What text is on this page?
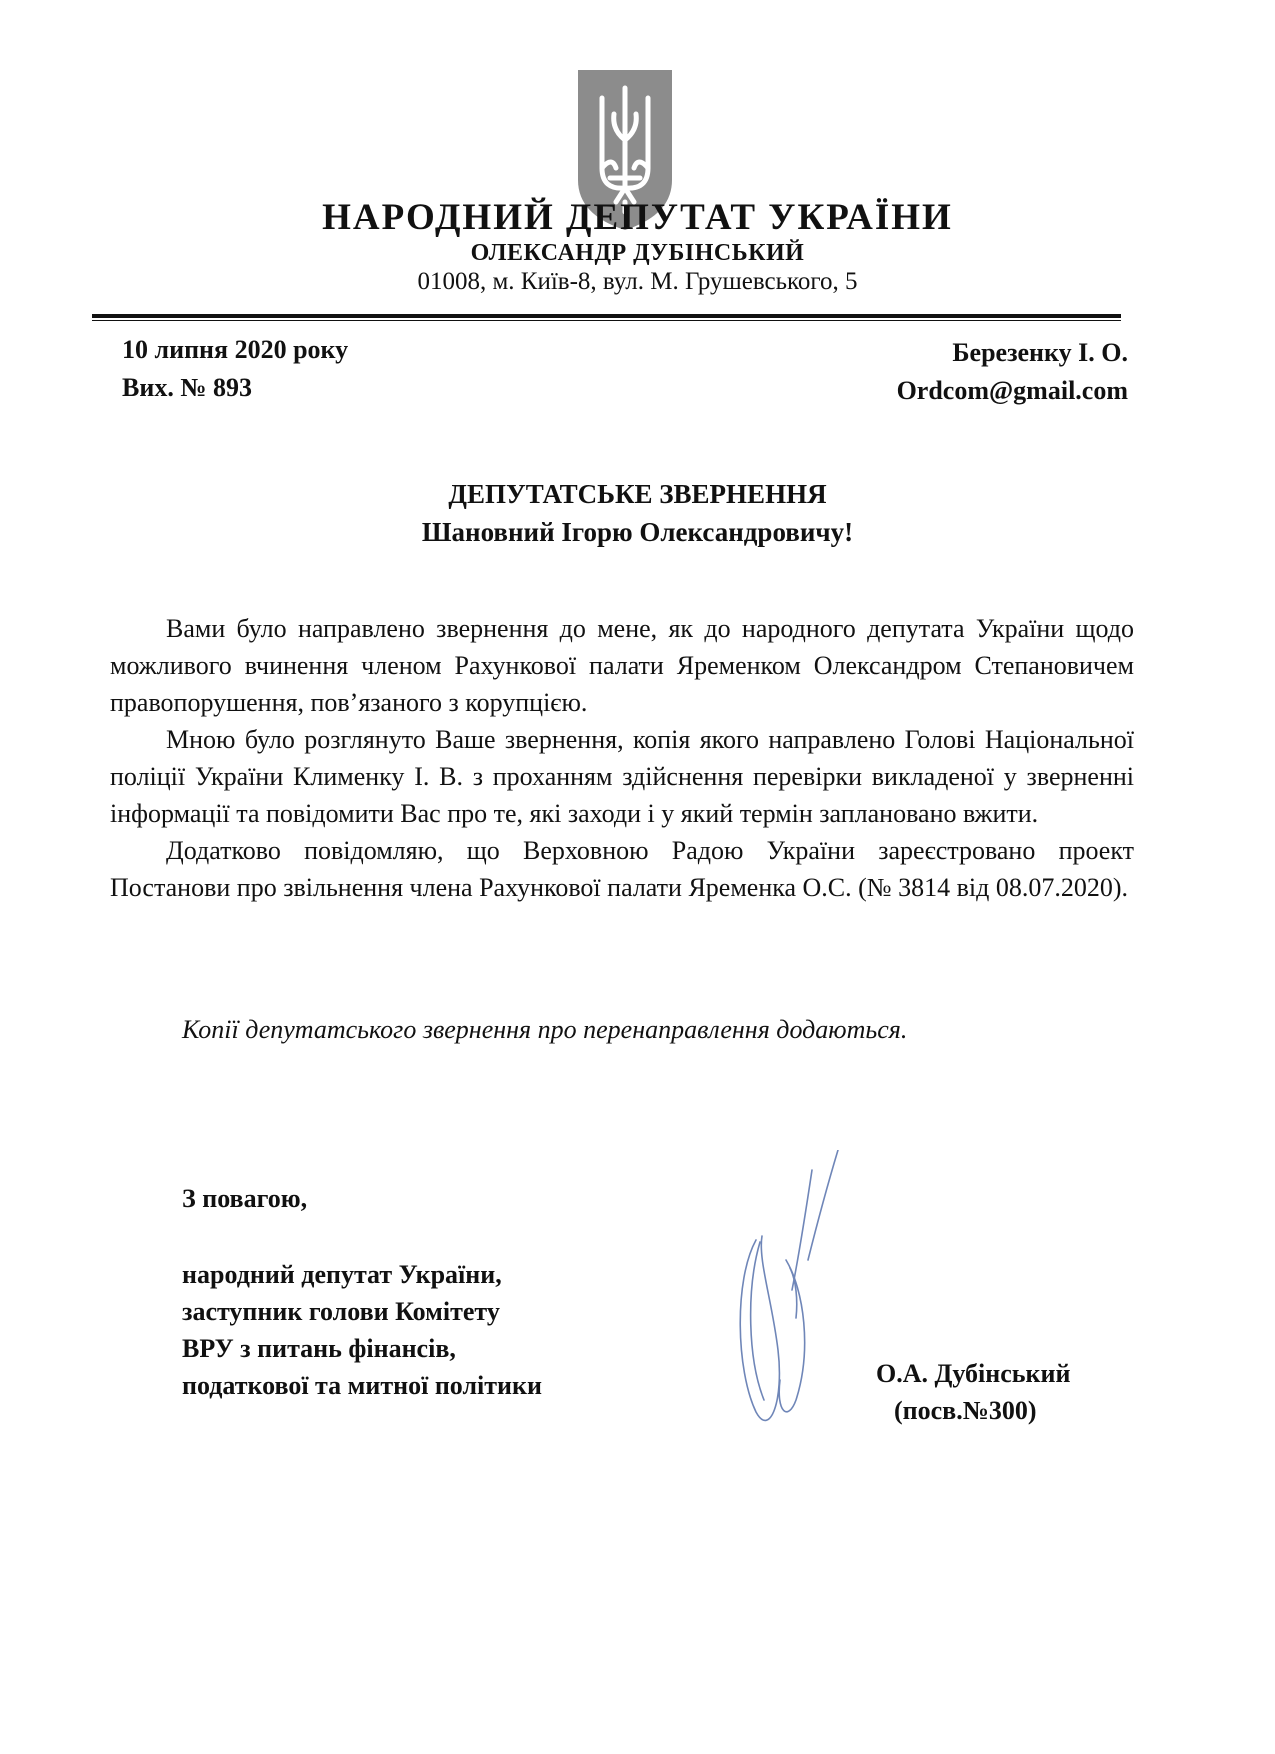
НАРОДНИЙ ДЕПУТАТ УКРАЇНИ
ОЛЕКСАНДР ДУБІНСЬКИЙ
01008, м. Київ-8, вул. М. Грушевського, 5
10 липня 2020 року
Вих. № 893
Березенку І. О.
Ordcom@gmail.com
ДЕПУТАТСЬКЕ ЗВЕРНЕННЯ
Шановний Ігорю Олександровичу!

Вами було направлено звернення до мене, як до народного депутата України щодо можливого вчинення членом Рахункової палати Яременком Олександром Степановичем правопорушення, пов’язаного з корупцією.

Мною було розглянуто Ваше звернення, копія якого направлено Голові Національної поліції України Клименку І. В. з проханням здійснення перевірки викладеної у зверненні інформації та повідомити Вас про те, які заходи і у який термін заплановано вжити.

Додатково повідомляю, що Верховною Радою України зареєстровано проект Постанови про звільнення члена Рахункової палати Яременка О.С. (№ 3814 від 08.07.2020).

Копії депутатського звернення про перенаправлення додаються.
З повагою,
народний депутат України,
заступник голови Комітету
ВРУ з питань фінансів,
податкової та митної політики	О.А. Дубінський
(посв.№300)
